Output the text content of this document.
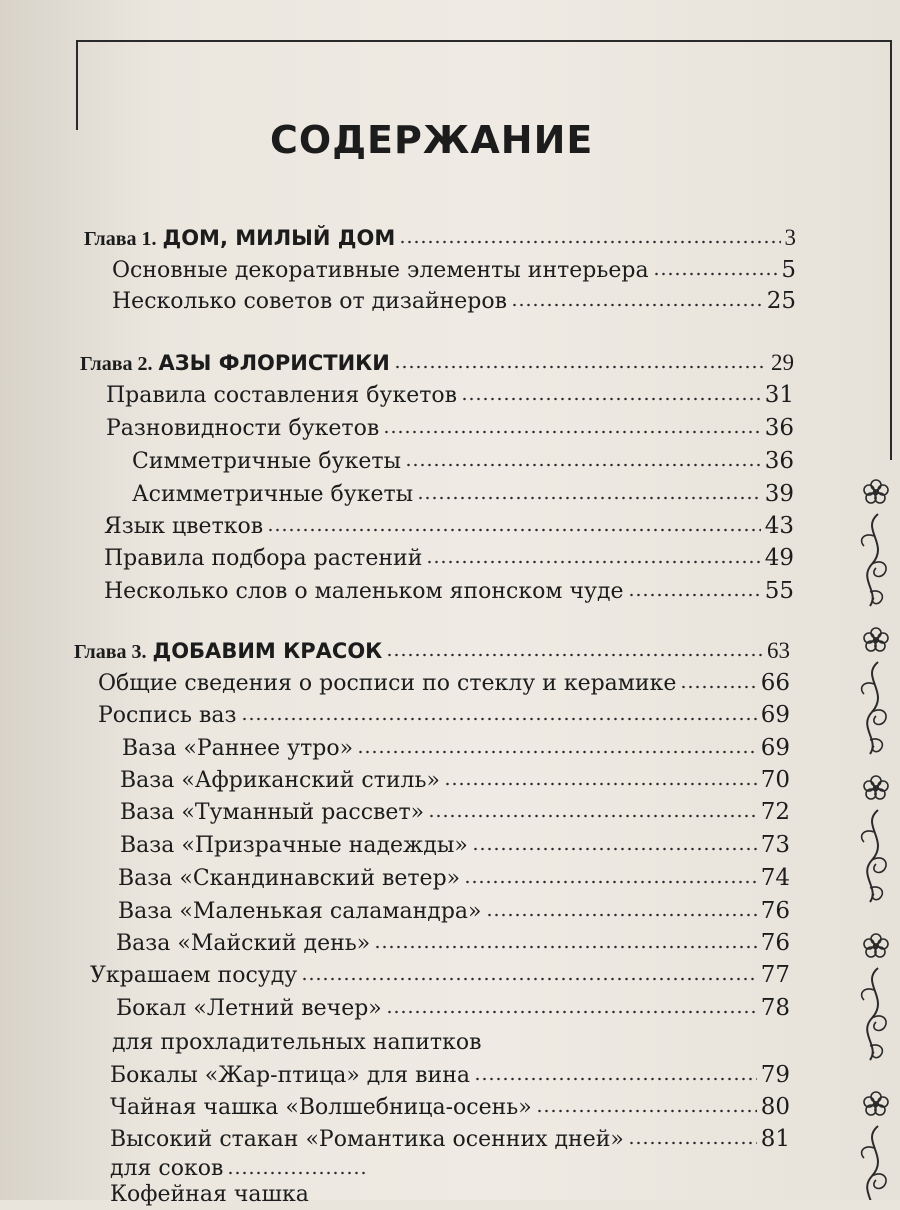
СОДЕРЖАНИЕ
Глава 1. ДОМ, МИЛЫЙ ДОМ	3
Основные декоративные элементы интерьера	5
Несколько советов от дизайнеров	25
Глава 2. АЗЫ ФЛОРИСТИКИ	29
Правила составления букетов	31
Разновидности букетов	36
Симметричные букеты	36
Асимметричные букеты	39
Язык цветков	43
Правила подбора растений	49
Несколько слов о маленьком японском чуде	55
Глава 3. ДОБАВИМ КРАСОК	63
Общие сведения о росписи по стеклу и керамике	66
Роспись ваз	69
Ваза «Раннее утро»	69
Ваза «Африканский стиль»	70
Ваза «Туманный рассвет»	72
Ваза «Призрачные надежды»	73
Ваза «Скандинавский ветер»	74
Ваза «Маленькая саламандра»	76
Ваза «Майский день»	76
Украшаем посуду	77
Бокал «Летний вечер»	78
для прохладительных напитков
Бокалы «Жар-птица» для вина	79
Чайная чашка «Волшебница-осень»	80
Высокий стакан «Романтика осенних дней»	81
для соков
Кофейная чашка
